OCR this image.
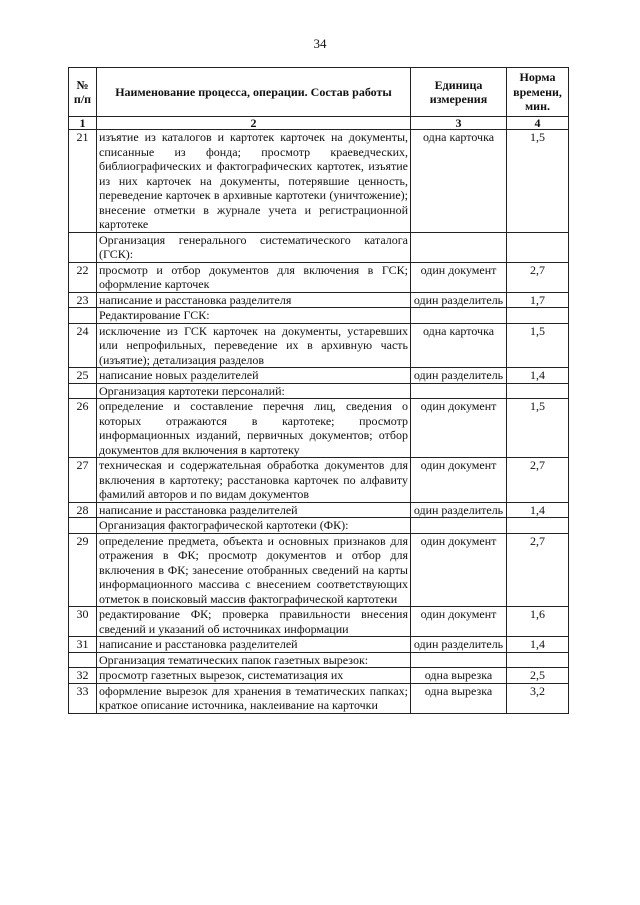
34
№ п/п	Наименование процесса, операции. Состав работы	Единица измерения	Норма времени, мин.
1	2	3	4
21	изъятие из каталогов и картотек карточек на документы, списанные из фонда; просмотр краеведческих, библиографических и фактографических картотек, изъятие из них карточек на документы, потерявшие ценность, переведение карточек в архивные картотеки (уничтожение); внесение отметки в журнале учета и регистрационной картотеке	одна карточка	1,5
	Организация генерального систематического каталога (ГСК):		
22	просмотр и отбор документов для включения в ГСК; оформление карточек	один документ	2,7
23	написание и расстановка разделителя	один разделитель	1,7
	Редактирование ГСК:		
24	исключение из ГСК карточек на документы, устаревших или непрофильных, переведение их в архивную часть (изъятие); детализация разделов	одна карточка	1,5
25	написание новых разделителей	один разделитель	1,4
	Организация картотеки персоналий:		
26	определение и составление перечня лиц, сведения о которых отражаются в картотеке; просмотр информационных изданий, первичных документов; отбор документов для включения в картотеку	один документ	1,5
27	техническая и содержательная обработка документов для включения в картотеку; расстановка карточек по алфавиту фамилий авторов и по видам документов	один документ	2,7
28	написание и расстановка разделителей	один разделитель	1,4
	Организация фактографической картотеки (ФК):		
29	определение предмета, объекта и основных признаков для отражения в ФК; просмотр документов и отбор для включения в ФК; занесение отобранных сведений на карты информационного массива с внесением соответствующих отметок в поисковый массив фактографической картотеки	один документ	2,7
30	редактирование ФК; проверка правильности внесения сведений и указаний об источниках информации	один документ	1,6
31	написание и расстановка разделителей	один разделитель	1,4
	Организация тематических папок газетных вырезок:		
32	просмотр газетных вырезок, систематизация их	одна вырезка	2,5
33	оформление вырезок для хранения в тематических папках; краткое описание источника, наклеивание на карточки	одна вырезка	3,2
